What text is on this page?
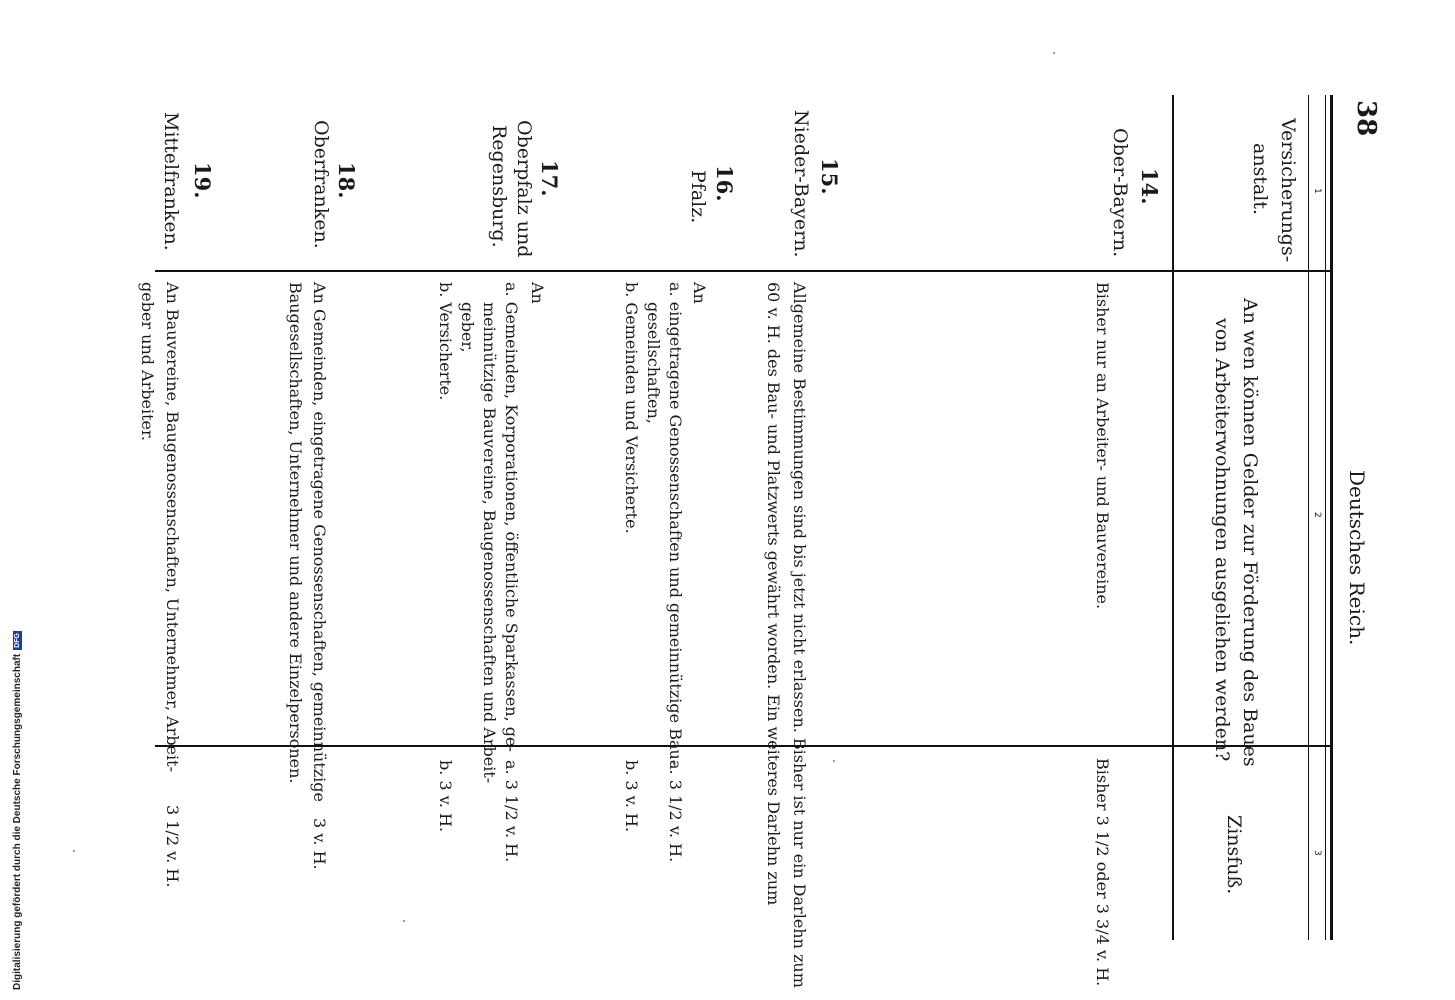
38
Deutsches Reich.
1
2
3
Versicherungs-
anstalt.
An wen können Gelder zur Förderung des Baues
von Arbeiterwohnungen ausgeliehen werden?
Zinsfuß.
14.
Ober-Bayern.
Bisher nur an Arbeiter- und Bauvereine.
Bisher 3 1/2 oder 3 3/4 v. H.
15.
Nieder-Bayern.
Allgemeine Bestimmungen sind bis jetzt nicht erlassen. Bisher ist nur ein Darlehn zum
60 v. H. des Bau- und Platzwerts gewährt worden. Ein weiteres Darlehn zum
16.
Pfalz.
An
a. eingetragene Genossenschaften und gemeinnützige Bau-
gesellschaften,
b. Gemeinden und Versicherte.
a. 3 1/2 v. H.
b. 3 v. H.
17.
Oberpfalz und
Regensburg.
An
a. Gemeinden, Korporationen, öffentliche Sparkassen, ge-
meinnützige Bauvereine, Baugenossenschaften und Arbeit-
geber,
b. Versicherte.
a. 3 1/2 v. H.
b. 3 v. H.
18.
Oberfranken.
An Gemeinden, eingetragene Genossenschaften, gemeinnützige
Baugesellschaften, Unternehmer und andere Einzelpersonen.
3 v. H.
19.
Mittelfranken.
An Bauvereine, Baugenossenschaften, Unternehmer, Arbeit-
geber und Arbeiter.
3 1/2 v. H.
Digitalisierung gefördert durch die Deutsche Forschungsgemeinschaft
DFG
